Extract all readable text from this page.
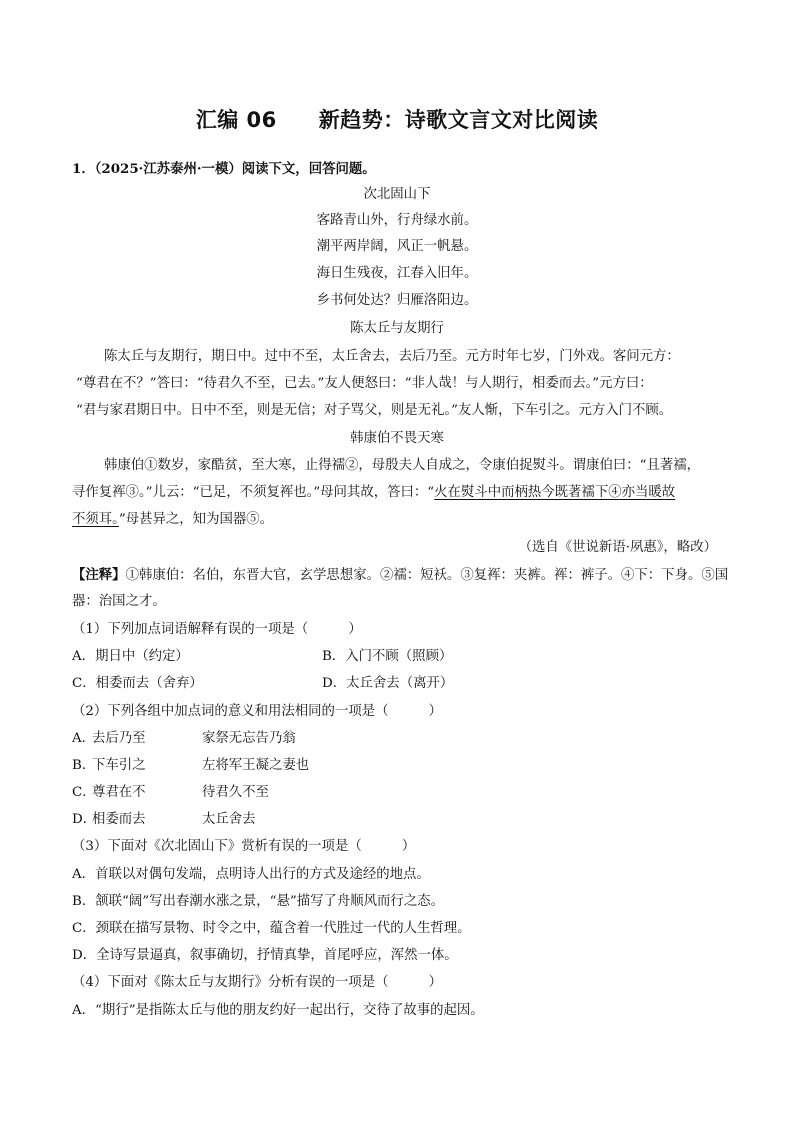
汇编 06 新趋势：诗歌文言文对比阅读
1．（2025·江苏泰州·一模）阅读下文，回答问题。
次北固山下
客路青山外，行舟绿水前。
潮平两岸阔，风正一帆悬。
海日生残夜，江春入旧年。
乡书何处达？归雁洛阳边。
陈太丘与友期行
陈太丘与友期行，期日中。过中不至，太丘舍去，去后乃至。元方时年七岁，门外戏。客问元方：
“尊君在不？”答曰：“待君久不至，已去。”友人便怒曰：“非人哉！与人期行，相委而去。”元方曰：
“君与家君期日中。日中不至，则是无信；对子骂父，则是无礼。”友人惭，下车引之。元方入门不顾。
韩康伯不畏天寒
韩康伯①数岁，家酷贫，至大寒，止得襦②，母殷夫人自成之，令康伯捉熨斗。谓康伯曰：“且著襦，
寻作复裈③。”儿云：“已足，不须复裈也。”母问其故，答曰：“火在熨斗中而柄热今既著襦下④亦当暖故
不须耳。”母甚异之，知为国器⑤。
（选自《世说新语·夙惠》，略改）
【注释】①韩康伯：名伯，东晋大官，玄学思想家。②襦：短袄。③复裈：夹裤。裈：裤子。④下：下身。⑤国
器：治国之才。
（1）下列加点词语解释有误的一项是（　　　）
A．期日中（约定）	B．入门不顾（照顾）
C．相委而去（舍弃）	D．太丘舍去（离开）
（2）下列各组中加点词的意义和用法相同的一项是（　　　）
A．去后乃至	家祭无忘告乃翁
B．下车引之	左将军王凝之妻也
C．尊君在不	待君久不至
D．相委而去	太丘舍去
（3）下面对《次北固山下》赏析有误的一项是（　　　）
A．首联以对偶句发端，点明诗人出行的方式及途经的地点。
B．颔联“阔”写出春潮水涨之景，“悬”描写了舟顺风而行之态。
C．颈联在描写景物、时令之中，蕴含着一代胜过一代的人生哲理。
D．全诗写景逼真，叙事确切，抒情真挚，首尾呼应，浑然一体。
（4）下面对《陈太丘与友期行》分析有误的一项是（　　　）
A．“期行”是指陈太丘与他的朋友约好一起出行，交待了故事的起因。
